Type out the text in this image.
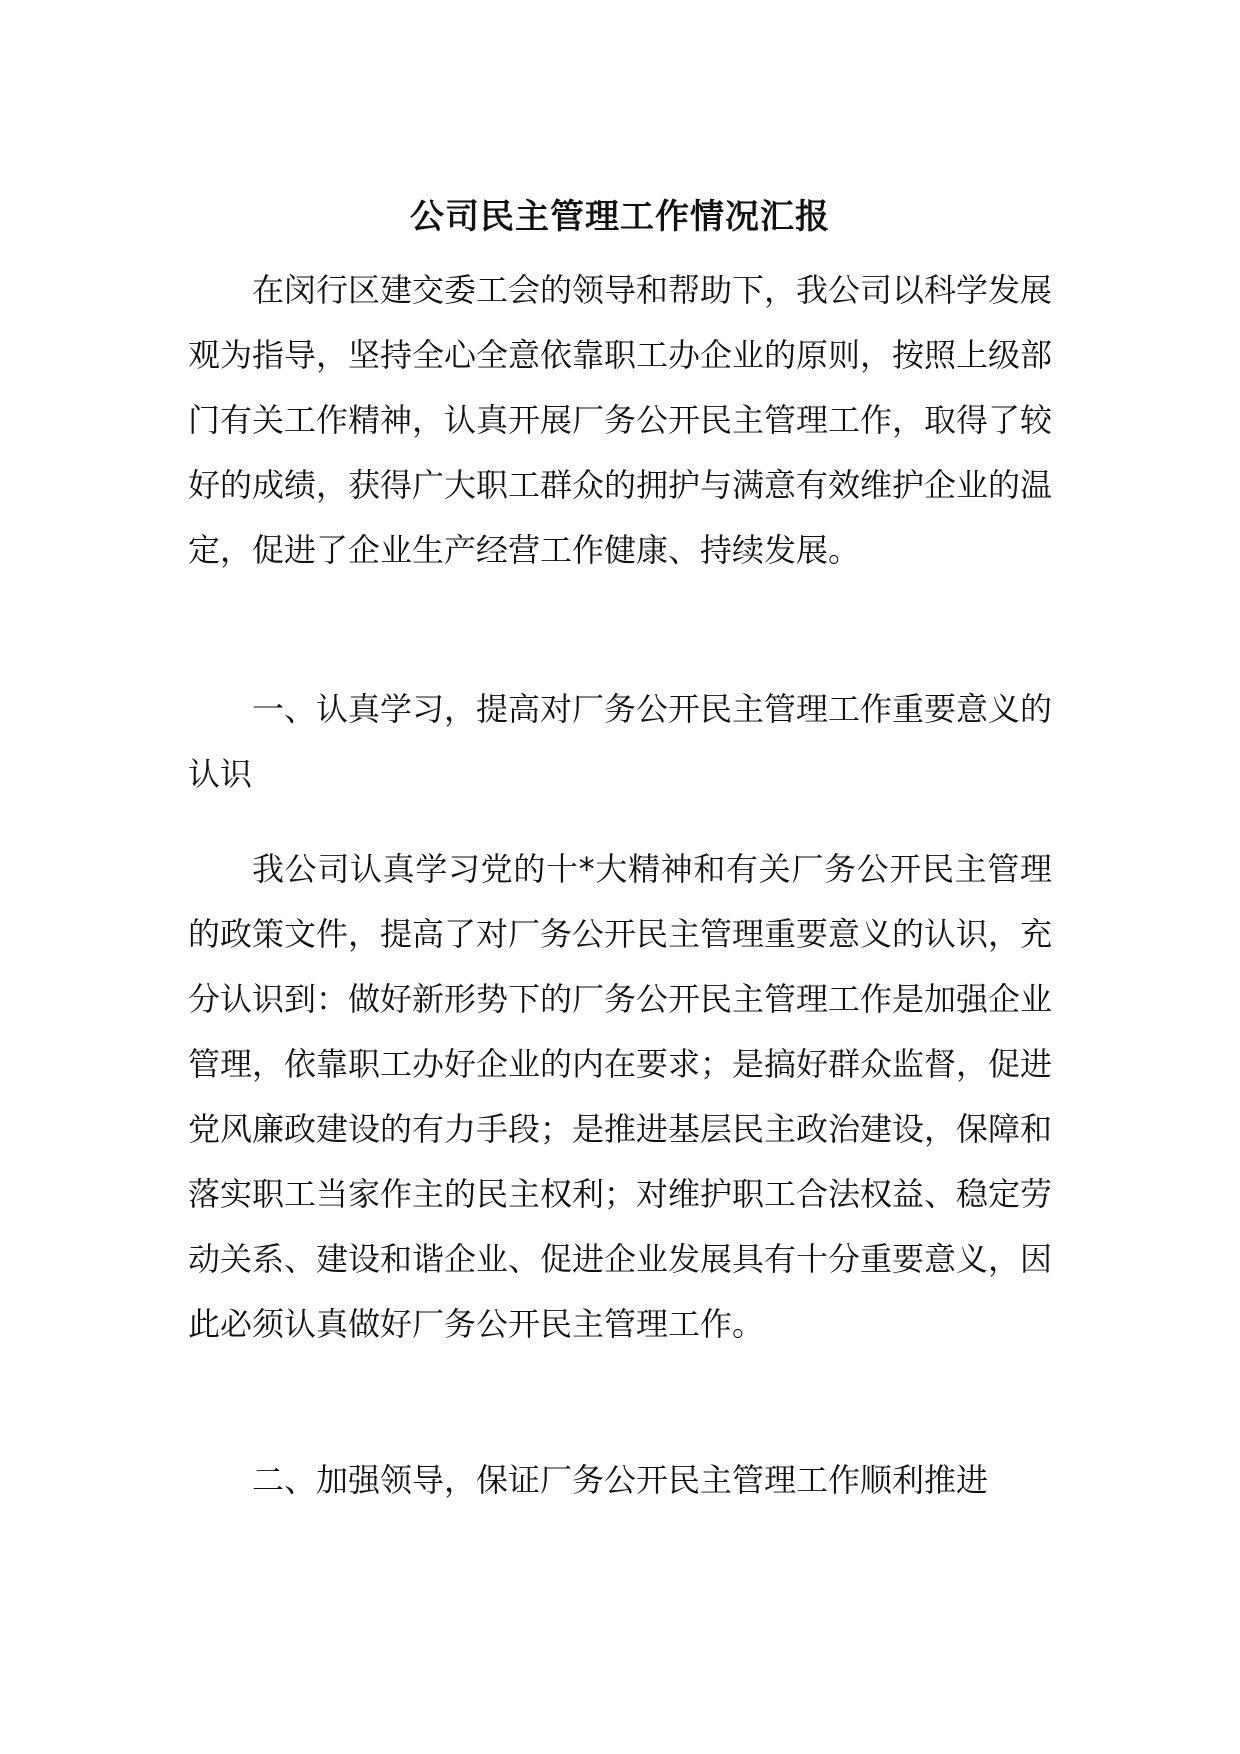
公司民主管理工作情况汇报

在闵行区建交委工会的领导和帮助下，我公司以科学发展观为指导，坚持全心全意依靠职工办企业的原则，按照上级部门有关工作精神，认真开展厂务公开民主管理工作，取得了较好的成绩，获得广大职工群众的拥护与满意有效维护企业的温定，促进了企业生产经营工作健康、持续发展。

一、认真学习，提高对厂务公开民主管理工作重要意义的认识

我公司认真学习党的十*大精神和有关厂务公开民主管理的政策文件，提高了对厂务公开民主管理重要意义的认识，充分认识到：做好新形势下的厂务公开民主管理工作是加强企业管理，依靠职工办好企业的内在要求；是搞好群众监督，促进党风廉政建设的有力手段；是推进基层民主政治建设，保障和落实职工当家作主的民主权利；对维护职工合法权益、稳定劳动关系、建设和谐企业、促进企业发展具有十分重要意义，因此必须认真做好厂务公开民主管理工作。

二、加强领导，保证厂务公开民主管理工作顺利推进
